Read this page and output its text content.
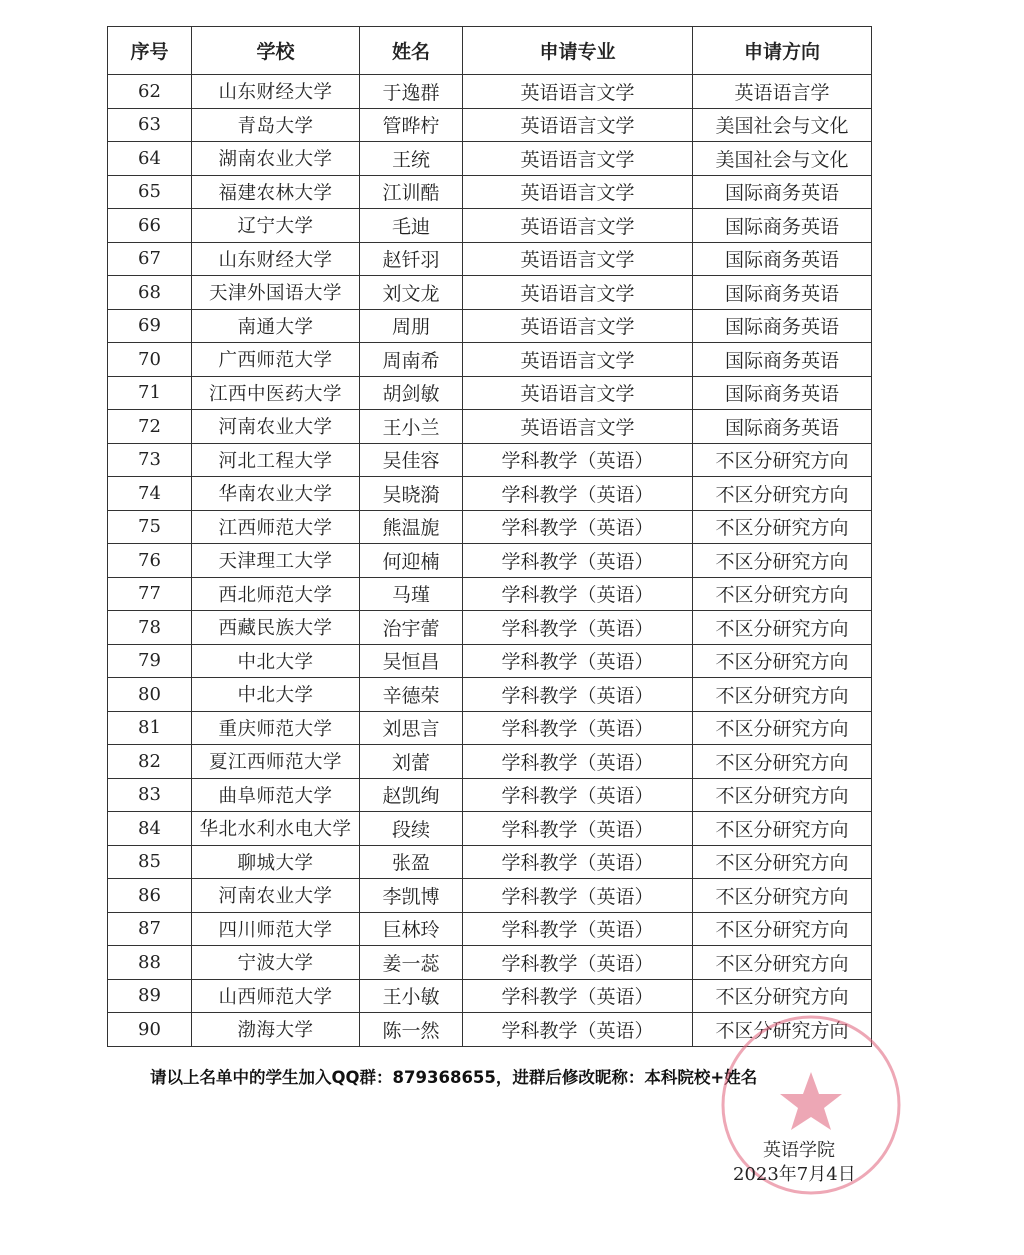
序号	学校	姓名	申请专业	申请方向
62	山东财经大学	于逸群	英语语言文学	英语语言学
63	青岛大学	管晔柠	英语语言文学	美国社会与文化
64	湖南农业大学	王统	英语语言文学	美国社会与文化
65	福建农林大学	江训酷	英语语言文学	国际商务英语
66	辽宁大学	毛迪	英语语言文学	国际商务英语
67	山东财经大学	赵钎羽	英语语言文学	国际商务英语
68	天津外国语大学	刘文龙	英语语言文学	国际商务英语
69	南通大学	周朋	英语语言文学	国际商务英语
70	广西师范大学	周南希	英语语言文学	国际商务英语
71	江西中医药大学	胡剑敏	英语语言文学	国际商务英语
72	河南农业大学	王小兰	英语语言文学	国际商务英语
73	河北工程大学	吴佳容	学科教学（英语）	不区分研究方向
74	华南农业大学	吴晓漪	学科教学（英语）	不区分研究方向
75	江西师范大学	熊温旎	学科教学（英语）	不区分研究方向
76	天津理工大学	何迎楠	学科教学（英语）	不区分研究方向
77	西北师范大学	马瑾	学科教学（英语）	不区分研究方向
78	西藏民族大学	治宇蕾	学科教学（英语）	不区分研究方向
79	中北大学	吴恒昌	学科教学（英语）	不区分研究方向
80	中北大学	辛德荣	学科教学（英语）	不区分研究方向
81	重庆师范大学	刘思言	学科教学（英语）	不区分研究方向
82	夏江西师范大学	刘蕾	学科教学（英语）	不区分研究方向
83	曲阜师范大学	赵凯绚	学科教学（英语）	不区分研究方向
84	华北水利水电大学	段续	学科教学（英语）	不区分研究方向
85	聊城大学	张盈	学科教学（英语）	不区分研究方向
86	河南农业大学	李凯博	学科教学（英语）	不区分研究方向
87	四川师范大学	巨林玲	学科教学（英语）	不区分研究方向
88	宁波大学	姜一蕊	学科教学（英语）	不区分研究方向
89	山西师范大学	王小敏	学科教学（英语）	不区分研究方向
90	渤海大学	陈一然	学科教学（英语）	不区分研究方向
请以上名单中的学生加入QQ群：879368655，进群后修改昵称：本科院校+姓名
英语学院
2023年7月4日
